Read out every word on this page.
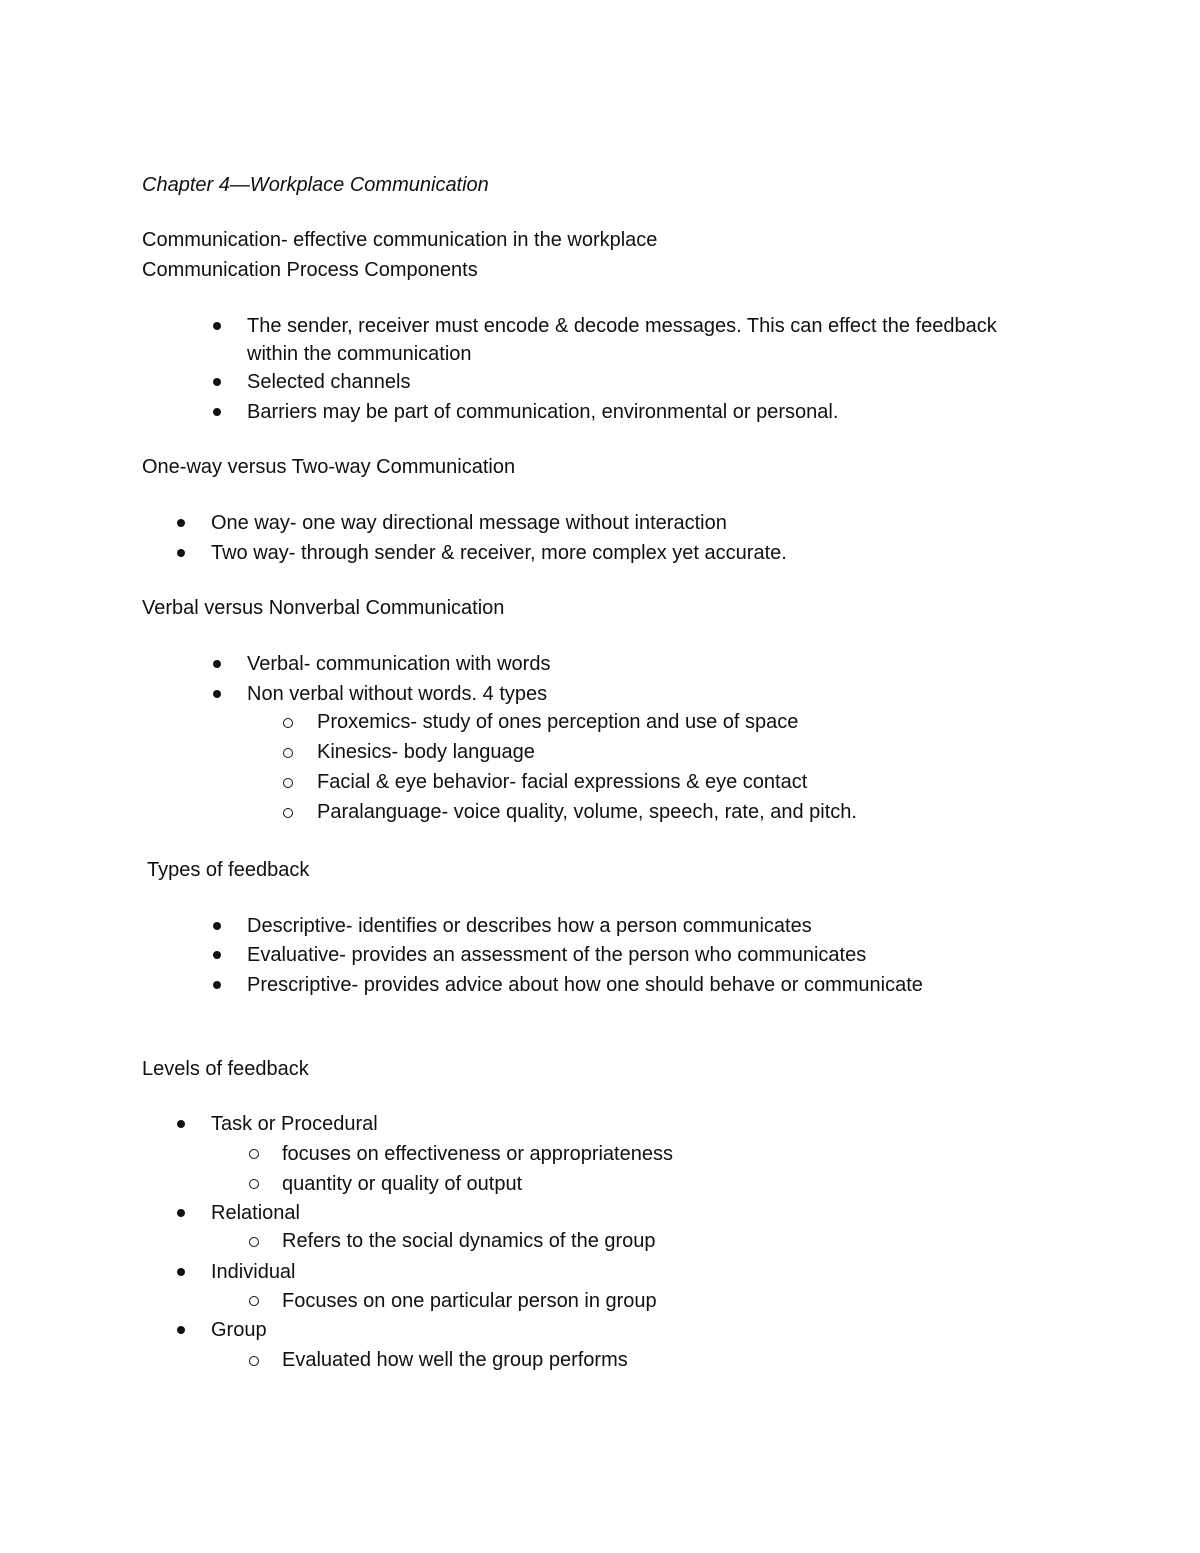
Chapter 4—Workplace Communication
Communication- effective communication in the workplace
Communication Process Components
The sender, receiver must encode & decode messages. This can effect the feedback
within the communication
Selected channels
Barriers may be part of communication, environmental or personal.
One-way versus Two-way Communication
One way- one way directional message without interaction
Two way- through sender & receiver, more complex yet accurate.
Verbal versus Nonverbal Communication
Verbal- communication with words
Non verbal without words. 4 types
Proxemics- study of ones perception and use of space
Kinesics- body language
Facial & eye behavior- facial expressions & eye contact
Paralanguage- voice quality, volume, speech, rate, and pitch.
Types of feedback
Descriptive- identifies or describes how a person communicates
Evaluative- provides an assessment of the person who communicates
Prescriptive- provides advice about how one should behave or communicate
Levels of feedback
Task or Procedural
focuses on effectiveness or appropriateness
quantity or quality of output
Relational
Refers to the social dynamics of the group
Individual
Focuses on one particular person in group
Group
Evaluated how well the group performs
